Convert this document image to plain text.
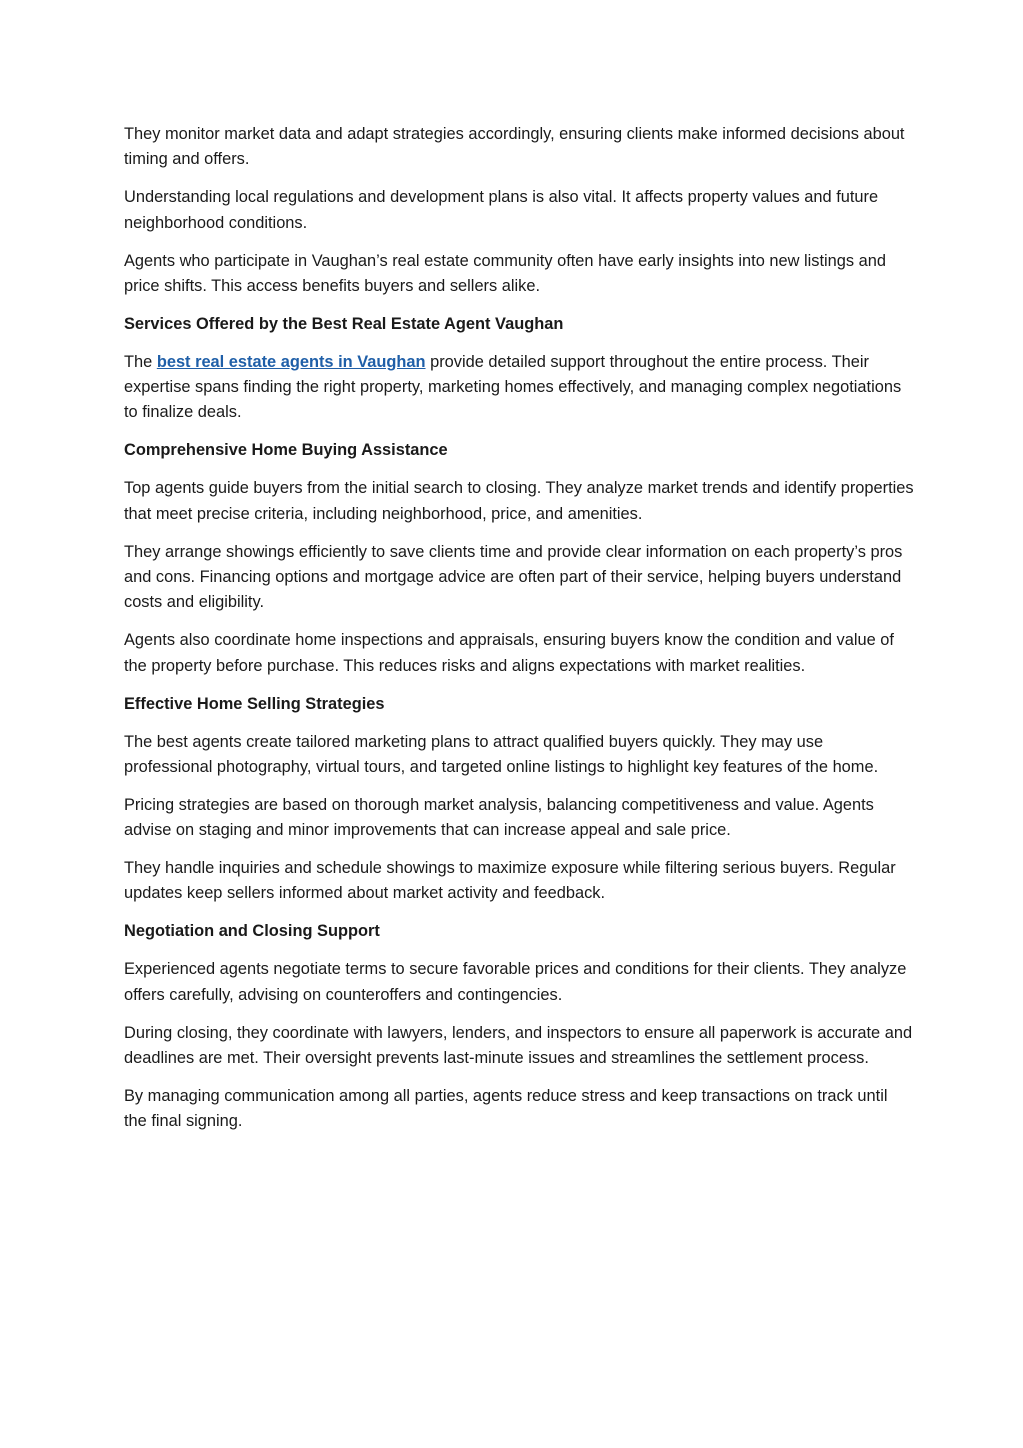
They monitor market data and adapt strategies accordingly, ensuring clients make informed decisions about timing and offers.

Understanding local regulations and development plans is also vital. It affects property values and future neighborhood conditions.

Agents who participate in Vaughan’s real estate community often have early insights into new listings and price shifts. This access benefits buyers and sellers alike.

Services Offered by the Best Real Estate Agent Vaughan

The best real estate agents in Vaughan provide detailed support throughout the entire process. Their expertise spans finding the right property, marketing homes effectively, and managing complex negotiations to finalize deals.

Comprehensive Home Buying Assistance

Top agents guide buyers from the initial search to closing. They analyze market trends and identify properties that meet precise criteria, including neighborhood, price, and amenities.

They arrange showings efficiently to save clients time and provide clear information on each property’s pros and cons. Financing options and mortgage advice are often part of their service, helping buyers understand costs and eligibility.

Agents also coordinate home inspections and appraisals, ensuring buyers know the condition and value of the property before purchase. This reduces risks and aligns expectations with market realities.

Effective Home Selling Strategies

The best agents create tailored marketing plans to attract qualified buyers quickly. They may use professional photography, virtual tours, and targeted online listings to highlight key features of the home.

Pricing strategies are based on thorough market analysis, balancing competitiveness and value. Agents advise on staging and minor improvements that can increase appeal and sale price.

They handle inquiries and schedule showings to maximize exposure while filtering serious buyers. Regular updates keep sellers informed about market activity and feedback.

Negotiation and Closing Support

Experienced agents negotiate terms to secure favorable prices and conditions for their clients. They analyze offers carefully, advising on counteroffers and contingencies.

During closing, they coordinate with lawyers, lenders, and inspectors to ensure all paperwork is accurate and deadlines are met. Their oversight prevents last-minute issues and streamlines the settlement process.

By managing communication among all parties, agents reduce stress and keep transactions on track until the final signing.
